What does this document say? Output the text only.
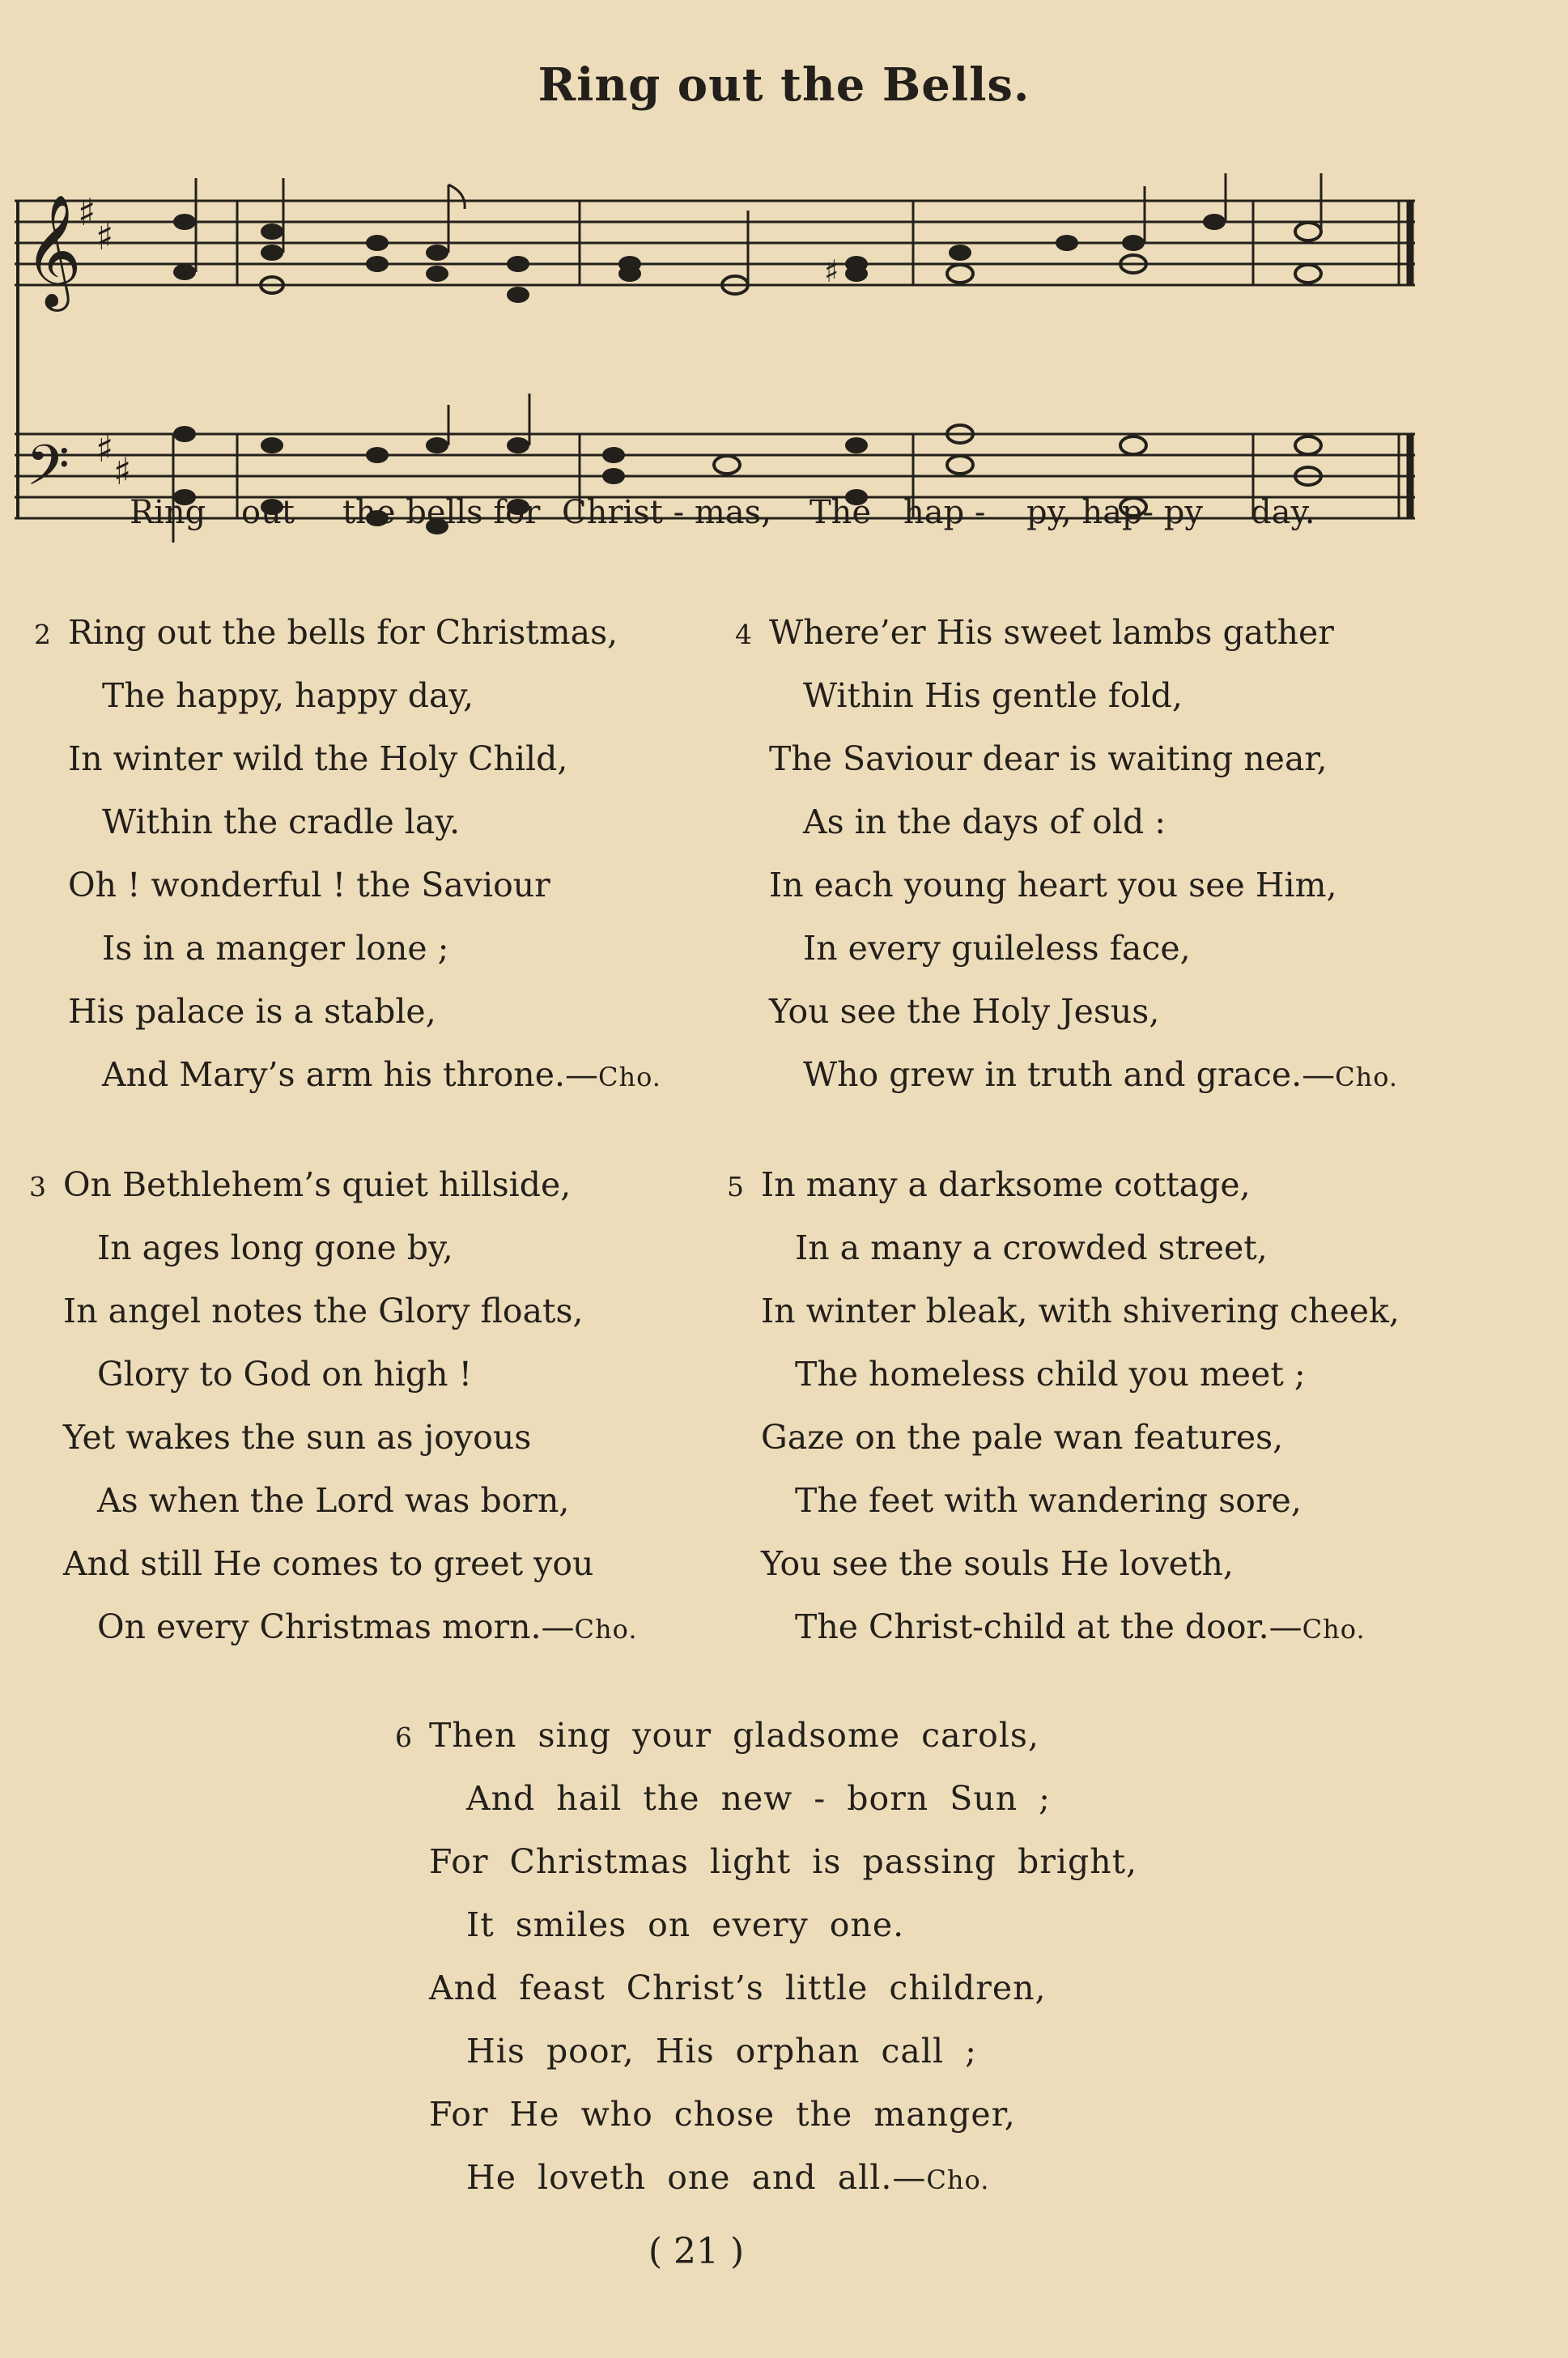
Ring out the Bells.
𝄞
𝄢
♯
♯
♯
♯
♯
Ring out the bells for Christ - mas, The hap - py, hap- py day.
2 Ring out the bells for Christmas,
The happy, happy day,
In winter wild the Holy Child,
Within the cradle lay.
Oh ! wonderful ! the Saviour
Is in a manger lone ;
His palace is a stable,
And Mary’s arm his throne.—Cho.
4 Where’er His sweet lambs gather
Within His gentle fold,
The Saviour dear is waiting near,
As in the days of old :
In each young heart you see Him,
In every guileless face,
You see the Holy Jesus,
Who grew in truth and grace.—Cho.
3 On Bethlehem’s quiet hillside,
In ages long gone by,
In angel notes the Glory floats,
Glory to God on high !
Yet wakes the sun as joyous
As when the Lord was born,
And still He comes to greet you
On every Christmas morn.—Cho.
5 In many a darksome cottage,
In a many a crowded street,
In winter bleak, with shivering cheek,
The homeless child you meet ;
Gaze on the pale wan features,
The feet with wandering sore,
You see the souls He loveth,
The Christ-child at the door.—Cho.
6 Then sing your gladsome carols,
And hail the new - born Sun ;
For Christmas light is passing bright,
It smiles on every one.
And feast Christ’s little children,
His poor, His orphan call ;
For He who chose the manger,
He loveth one and all.—Cho.
( 21 )
